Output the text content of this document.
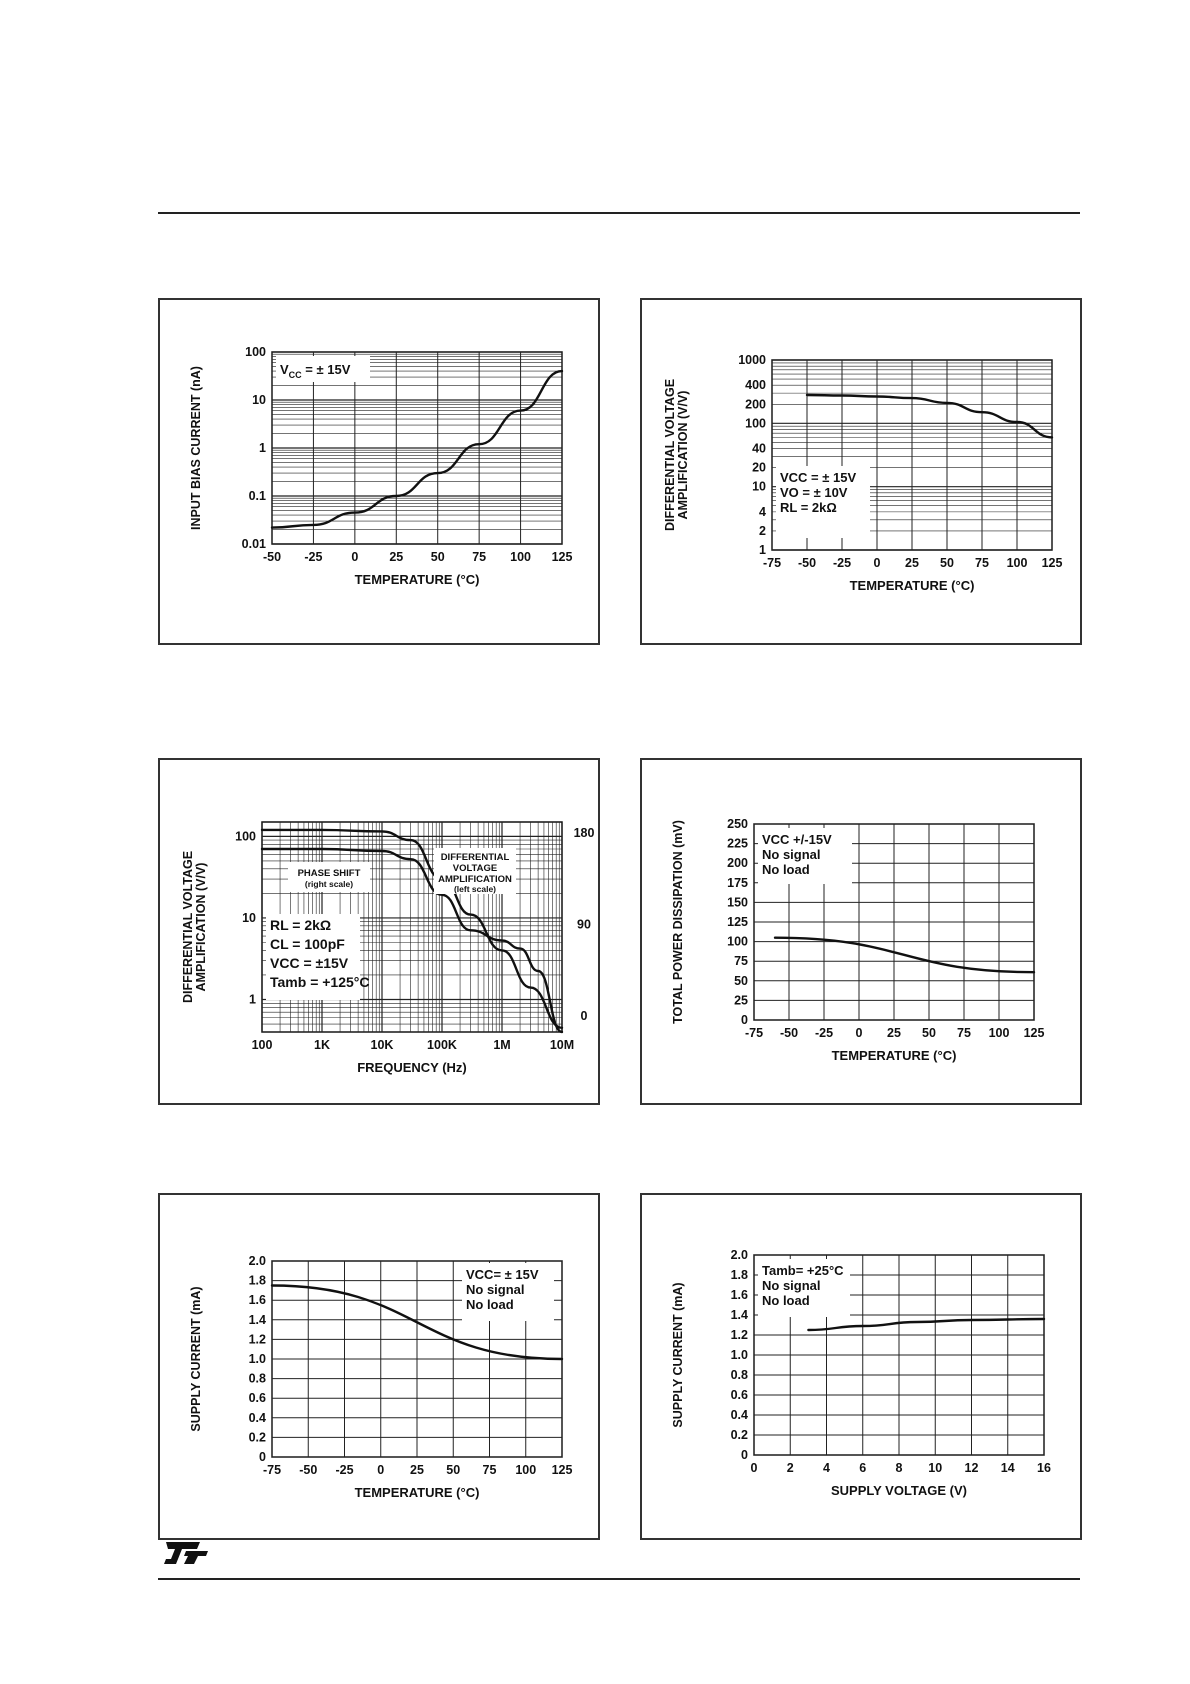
-50 -25 0 25 50 75 100 125
0.01
0.1
1
10
100
TEMPERATURE (°C)
INPUT BIAS CURRENT (nA)	$V_{CC}$ = ± 15V
-75 -50 -25 0 25 50 75 100 125
1
2
4
10
20
40
100
200
400
1000
TEMPERATURE (°C)
DIFFERENTIAL VOLTAGEAMPLIFICATION (V/V)	VCC = ± 15V
VO = ± 10V
RL = 2kΩ
100	1K	10K	100K	1M	10M
1
10
100
0
90
180
FREQUENCY (Hz)
DIFFERENTIAL VOLTAGEAMPLIFICATION (V/V)	RL = 2kΩ
CL = 100pF
VCC = ±15V
Tamb = +125°C
PHASE SHIFT
(right scale)
DIFFERENTIAL
VOLTAGE
AMPLIFICATION
(left scale)
-75 -50 -25 0 25 50 75 100 125
0
25
50
75
100
125
150
175
200
225
250
TEMPERATURE (°C)
TOTAL POWER DISSIPATION (mV)	VCC +/-15V
No signal
No load
-75 -50 -25 0 25 50 75 100 125
0
0.2
0.4
0.6
0.8
1.0
1.2
1.4
1.6
1.8
2.0
TEMPERATURE (°C)
SUPPLY CURRENT (mA)
VCC= ± 15V
No signal
No load
0 2 4 6 8 10 12 14 16
0
0.2
0.4
0.6
0.8
1.0
1.2
1.4
1.6
1.8
2.0
SUPPLY VOLTAGE (V)
SUPPLY CURRENT (mA)
Tamb= +25°C
No signal
No load
